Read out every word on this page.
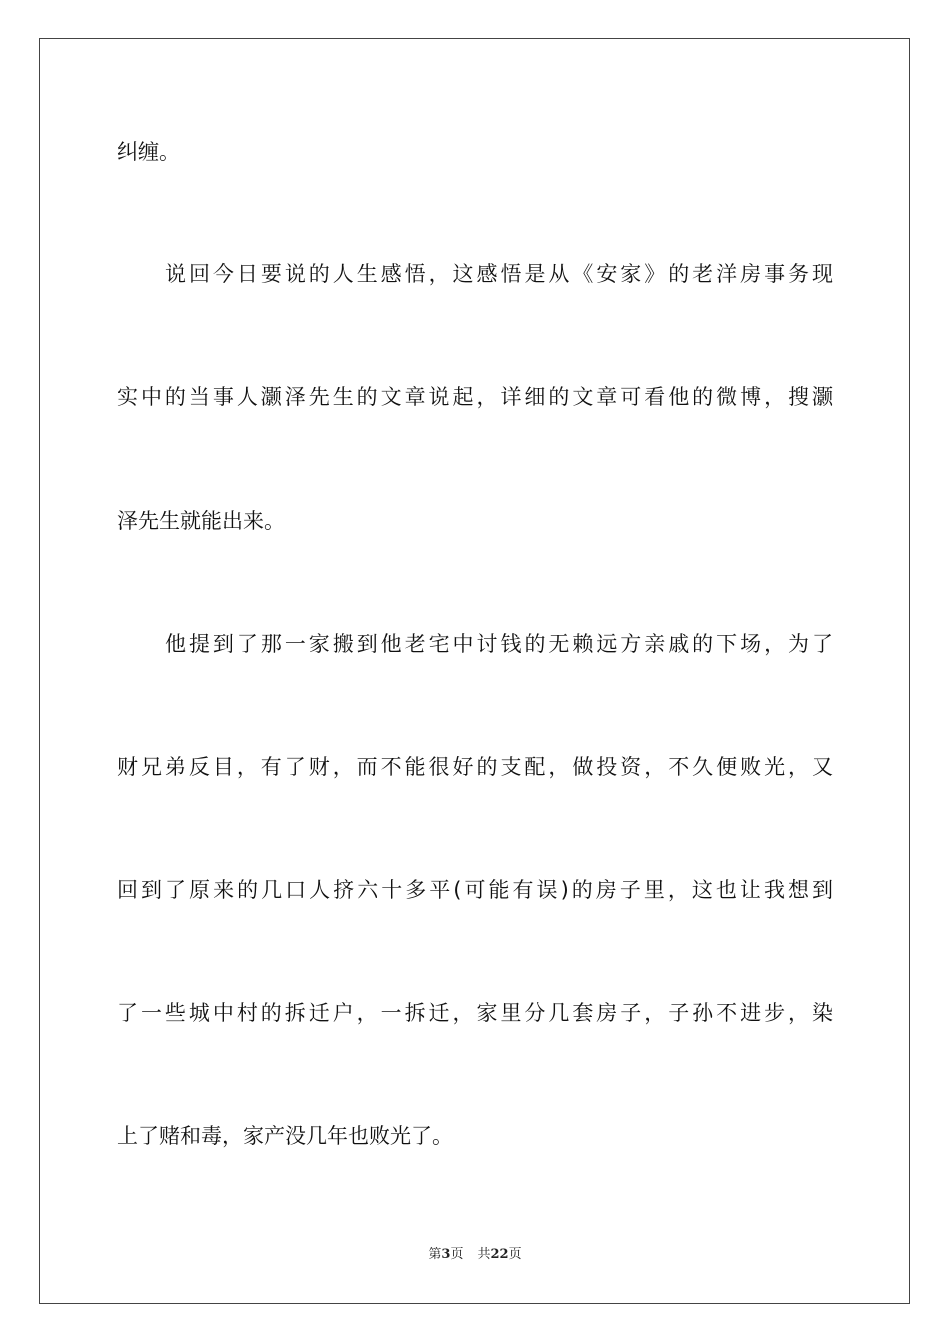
纠缠。
说回今日要说的人生感悟，这感悟是从《安家》的老洋房事务现
实中的当事人灏泽先生的文章说起，详细的文章可看他的微博，搜灏
泽先生就能出来。
他提到了那一家搬到他老宅中讨钱的无赖远方亲戚的下场，为了
财兄弟反目，有了财，而不能很好的支配，做投资，不久便败光，又
回到了原来的几口人挤六十多平(可能有误)的房子里，这也让我想到
了一些城中村的拆迁户，一拆迁，家里分几套房子，子孙不进步，染
上了赌和毒，家产没几年也败光了。
第3页 共22页
